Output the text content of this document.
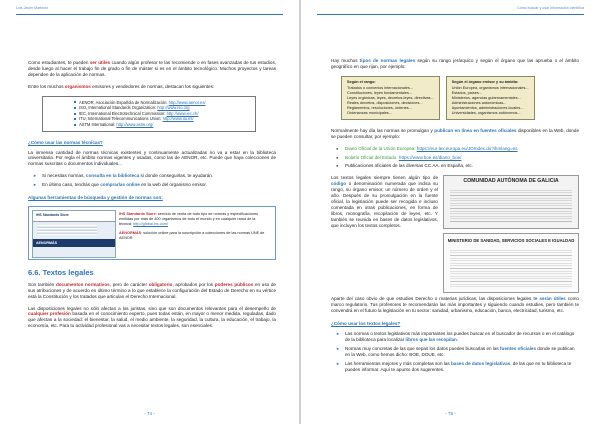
Luis Javier Martínez

Como estudiantes, te pueden ser útiles cuando algún profesor te las recomiende o en fases avanzadas de tus estudios, desde luego al hacer el trabajo fin de grado o fin de máster si es en el ámbito tecnológico. Muchos proyectos y tareas dependen de la aplicación de normas.

Entre los muchos organismos emisores y vendedores de normas, destacan los siguientes:

AENOR, Asociación Española de Normalización: http://www.aenor.es/
ISO, International Standards Organization: http://www.iso.org
IEC, International Electrotechnical Commission: http://www.iec.ch/
ITU, International Telecommunications Union: http://www.itu.int/
ASTM International: http://www.astm.org/
¿Cómo usar las normas técnicas?

La inmensa cantidad de normas técnicas existentes y continuamente actualizadas no va a estar en la biblioteca universitaria. Por regla el ámbito normas vigentes y usadas, como las de AENOR, etc. Puede que haya colecciones de normas suscritas o documentos individuales...

► Si necesitas normas, consulta en la biblioteca si donde conseguirlas, te ayudarán.
► En último caso, tendrás que comprarlas online en la web del organismo emisor.
Algunas herramientas de búsqueda y gestión de normas son:
IHS Standards Store
AENORMÁS
IHS Standards Store: servicio de venta de todo tipo de normas y especificaciones emitidas por más de 400 organismos de todo el mundo y en cualquier rama de la técnica: http://global.ihs.com/
AENORMÁS: solución online para la suscripción a colecciones de las normas UNE de AENOR.
6.6. Textos legales

Son también documentos normativos, pero de carácter obligatorio, aprobados por los poderes públicos en uso de sus atribuciones y de acuerdo en último término a lo que establece la configuración del Estado de Derecho en su vértice está la Constitución y los tratados que articulan el Derecho Internacional.

Las disposiciones legales no sólo afectan a los juristas, sino que son documentos relevantes para el desempeño de cualquier profesión basada en el conocimiento experto, pues todas están, en mayor o menor medida, reguladas, dado que afectan a la sociedad: el bienestar, la salud, el medio ambiente, la seguridad, la cultura, la educación, el trabajo, la economía, etc. Para tu actividad profesional vas a necesitar textos legales, son esenciales.

- 74 -
Cómo buscar y usar información científica

Hay muchos tipos de normas legales según su rango jerárquico y según el órgano que las aprueba o el ámbito geográfico en que rijan, por ejemplo:

Según el rango:
Tratados o convenios internacionales...
Constituciones, leyes fundamentales...
Leyes orgánicas, leyes, decretos-leyes, directivas...
Reales decretos, disposiciones, decisiones...
Reglamentos, resoluciones, órdenes...
Ordenanzas municipales...
Según el órgano emisor y su ámbito:
Unión Europea, organismos internacionales...
Estados, países...
Ministerios, agencias gubernamentales...
Administraciones autonómicas...
Ayuntamientos, administraciones locales...
Universidades, organismos autónomos...

Normalmente hay día las normas se promulgan y publican en línea en fuentes oficiales disponibles en la Web, donde se pueden consultar, por ejemplo:

● Diario Oficial de la Unión Europea: https://eur-lex.europa.eu/JOIndex.do?ihmlang=es
● Boletín Oficial del Estado: https://www.boe.es/diario_boe/
● Publicaciones oficiales de las diversas CC.AA. en España, etc.
COMUNIDAD AUTÓNOMA DE GALICIA
MINISTERIO DE SANIDAD, SERVICIOS SOCIALES E IGUALDAD

Los textos legales siempre tienen algún tipo de código o denominación numerada que indica su rango, su órgano emisor, un número de orden y el año. Después de su promulgación en la fuente oficial, la legislación puede ser recogida e incluso comentada en otras publicaciones, en forma de libros, monografía, recopilación de leyes, etc. Y también se reunida en bases de datos legislativos, que incluyen los textos completos.

Aparte del caso obvio de que estudies Derecho o materias jurídicas, las disposiciones legales te serán útiles como marco regulatorio. Tus profesores te recomendarán las más importantes y siguiendo cuando estudies, pero también te convendrá en el futuro la legislación en tu sector: sanidad, urbanismo, educación, banca, electricidad, turismo, etc.

¿Cómo usar los textos legales?
► Las normas o textos legislativos más importantes los puedes buscar en el buscador de recursos o en el catálogo de la biblioteca para localizar libros que las recopilan.
► Normas muy concretas de las que sepas los datos puedes buscarlas en las fuentes oficiales donde se publican en la Web, como hemos dicho: BOE, DOUE, etc.
► Las herramientas mejores y más completas son las bases de datos legislativas, de las que en tu biblioteca te pueden informar. Aquí te apunto dos sugerentes.
- 75 -
